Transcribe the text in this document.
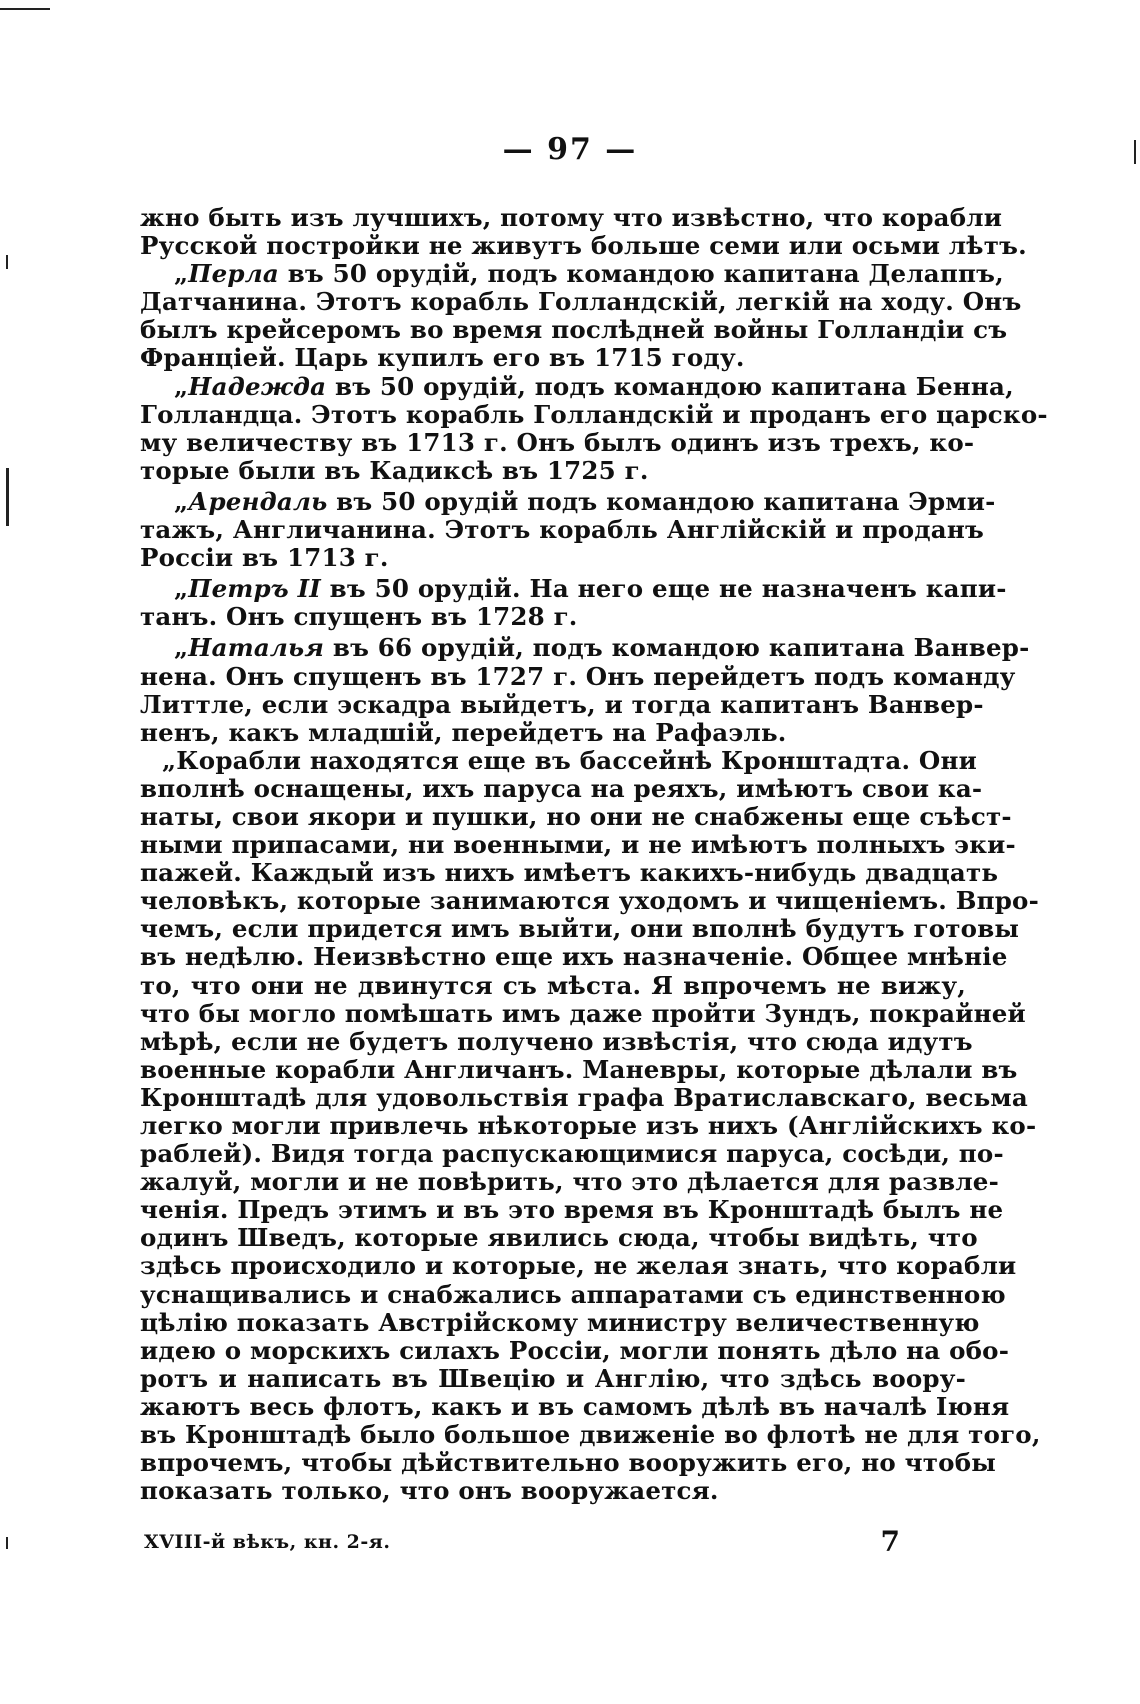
— 97 —
жно быть изъ лучшихъ, потому что извѣстно, что корабли
Русской постройки не живутъ больше семи или осьми лѣтъ.
„Перла въ 50 орудій, подъ командою капитана Делаппъ,
Датчанина. Этотъ корабль Голландскій, легкій на ходу. Онъ
былъ крейсеромъ во время послѣдней войны Голландіи съ
Франціей. Царь купилъ его въ 1715 году.
„Надежда въ 50 орудій, подъ командою капитана Бенна,
Голландца. Этотъ корабль Голландскій и проданъ его царско-
му величеству въ 1713 г. Онъ былъ одинъ изъ трехъ, ко-
торые были въ Кадиксѣ въ 1725 г.
„Арендаль въ 50 орудій подъ командою капитана Эрми-
тажъ, Англичанина. Этотъ корабль Англійскій и проданъ
Россіи въ 1713 г.
„Петръ II въ 50 орудій. На него еще не назначенъ капи-
танъ. Онъ спущенъ въ 1728 г.
„Наталья въ 66 орудій, подъ командою капитана Ванвер-
нена. Онъ спущенъ въ 1727 г. Онъ перейдетъ подъ команду
Литтле, если эскадра выйдетъ, и тогда капитанъ Ванвер-
ненъ, какъ младшій, перейдетъ на Рафаэль.
„Корабли находятся еще въ бассейнѣ Кронштадта. Они
вполнѣ оснащены, ихъ паруса на реяхъ, имѣютъ свои ка-
наты, свои якори и пушки, но они не снабжены еще съѣст-
ными припасами, ни военными, и не имѣютъ полныхъ эки-
пажей. Каждый изъ нихъ имѣетъ какихъ-нибудь двадцать
человѣкъ, которые занимаются уходомъ и чищеніемъ. Впро-
чемъ, если придется имъ выйти, они вполнѣ будутъ готовы
въ недѣлю. Неизвѣстно еще ихъ назначеніе. Общее мнѣніе
то, что они не двинутся съ мѣста. Я впрочемъ не вижу,
что бы могло помѣшать имъ даже пройти Зундъ, покрайней
мѣрѣ, если не будетъ получено извѣстія, что сюда идутъ
военные корабли Англичанъ. Маневры, которые дѣлали въ
Кронштадѣ для удовольствія графа Вратиславскаго, весьма
легко могли привлечь нѣкоторые изъ нихъ (Англійскихъ ко-
раблей). Видя тогда распускающимися паруса, сосѣди, по-
жалуй, могли и не повѣрить, что это дѣлается для развле-
ченія. Предъ этимъ и въ это время въ Кронштадѣ былъ не
одинъ Шведъ, которые явились сюда, чтобы видѣть, что
здѣсь происходило и которые, не желая знать, что корабли
уснащивались и снабжались аппаратами съ единственною
цѣлію показать Австрійскому министру величественную
идею о морскихъ силахъ Россіи, могли понять дѣло на обо-
ротъ и написать въ Швецію и Англію, что здѣсь воору-
жаютъ весь флотъ, какъ и въ самомъ дѣлѣ въ началѣ Іюня
въ Кронштадѣ было большое движеніе во флотѣ не для того,
впрочемъ, чтобы дѣйствительно вооружить его, но чтобы
показать только, что онъ вооружается.
XVIII-й вѣкъ, кн. 2-я.	7
